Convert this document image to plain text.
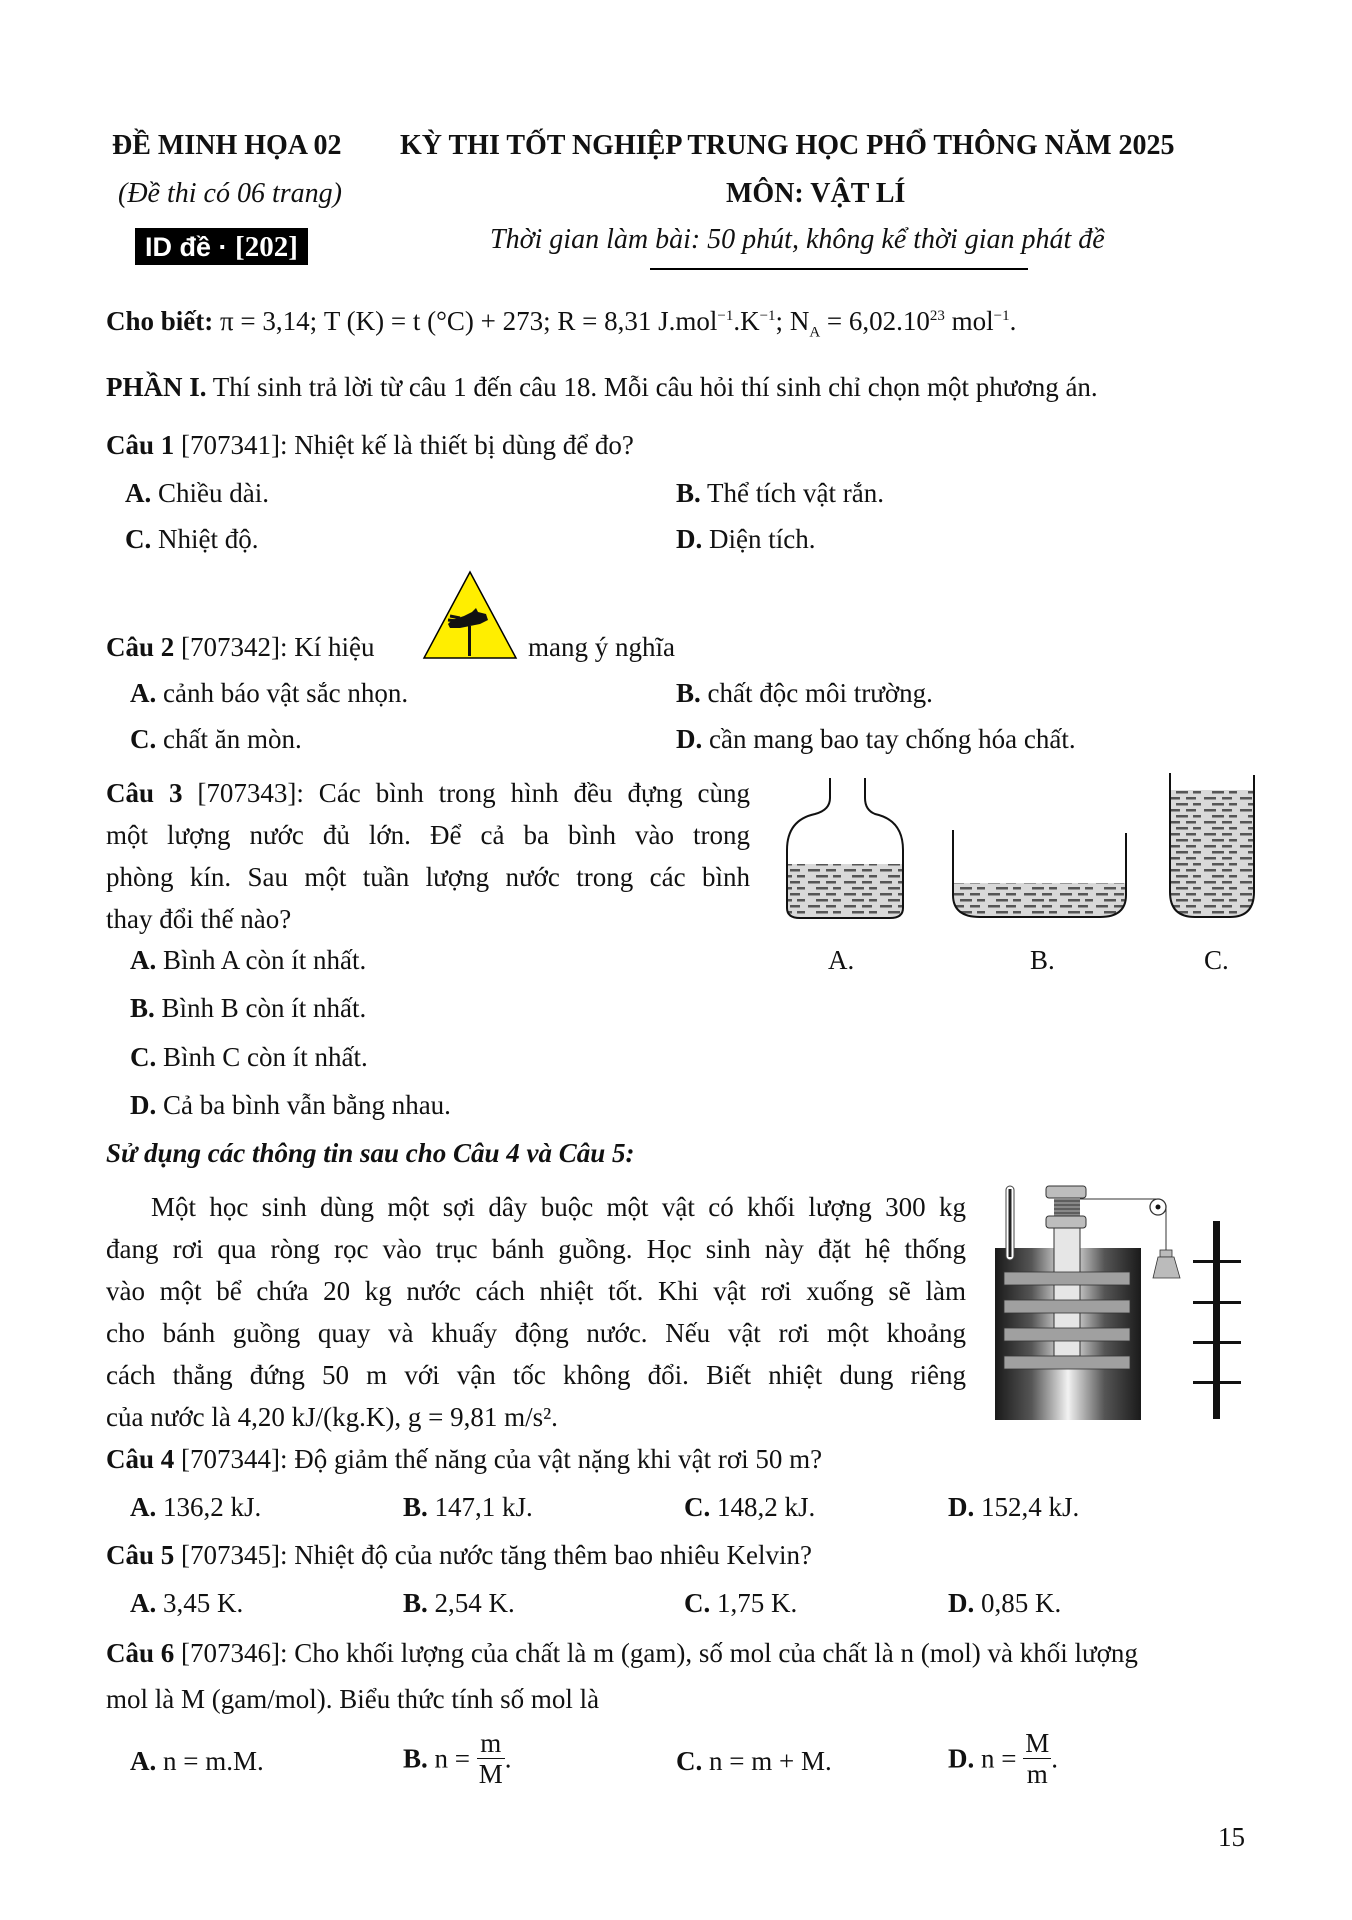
ĐỀ MINH HỌA 02 KỲ THI TỐT NGHIỆP TRUNG HỌC PHỔ THÔNG NĂM 2025
(Đề thi có 06 trang)	MÔN: VẬT LÍ
ID đề · [202]	Thời gian làm bài: 50 phút, không kể thời gian phát đề
Cho biết: π = 3,14; T (K) = t (°C) + 273; R = 8,31 $J.mol^{-1}.K^{-1}$; $N_A = 6,02.10^{23}$ mol$^{-1}$.
PHẦN I. Thí sinh trả lời từ câu 1 đến câu 18. Mỗi câu hỏi thí sinh chỉ chọn một phương án.
Câu 1 [707341]: Nhiệt kế là thiết bị dùng để đo?
A. Chiều dài.	B. Thể tích vật rắn.
C. Nhiệt độ.	D. Diện tích.
Câu 2 [707342]: Kí hiệu	mang ý nghĩa
A. cảnh báo vật sắc nhọn.	B. chất độc môi trường.
C. chất ăn mòn.	D. cần mang bao tay chống hóa chất.
Câu 3 [707343]: Các bình trong hình đều đựng cùng
một lượng nước đủ lớn. Để cả ba bình vào trong
phòng kín. Sau một tuần lượng nước trong các bình
thay đổi thế nào?
A.	B.	C.
A. Bình A còn ít nhất.
B. Bình B còn ít nhất.
C. Bình C còn ít nhất.
D. Cả ba bình vẫn bằng nhau.
Sử dụng các thông tin sau cho Câu 4 và Câu 5:
Một học sinh dùng một sợi dây buộc một vật có khối lượng 300 kg
đang rơi qua ròng rọc vào trục bánh guồng. Học sinh này đặt hệ thống
vào một bể chứa 20 kg nước cách nhiệt tốt. Khi vật rơi xuống sẽ làm
cho bánh guồng quay và khuấy động nước. Nếu vật rơi một khoảng
cách thẳng đứng 50 m với vận tốc không đổi. Biết nhiệt dung riêng
của nước là 4,20 kJ/(kg.K), g = 9,81 m/s².
Câu 4 [707344]: Độ giảm thế năng của vật nặng khi vật rơi 50 m?
A. 136,2 kJ.	B. 147,1 kJ.	C. 148,2 kJ.	D. 152,4 kJ.
Câu 5 [707345]: Nhiệt độ của nước tăng thêm bao nhiêu Kelvin?
A. 3,45 K.	B. 2,54 K.	C. 1,75 K.	D. 0,85 K.
Câu 6 [707346]: Cho khối lượng của chất là m (gam), số mol của chất là n (mol) và khối lượng
mol là M (gam/mol). Biểu thức tính số mol là
A. n = m.M.	B. $n = \frac{m}{M}$ .	C. n = m + M.	D. $n = \frac{M}{m}$ .
15
